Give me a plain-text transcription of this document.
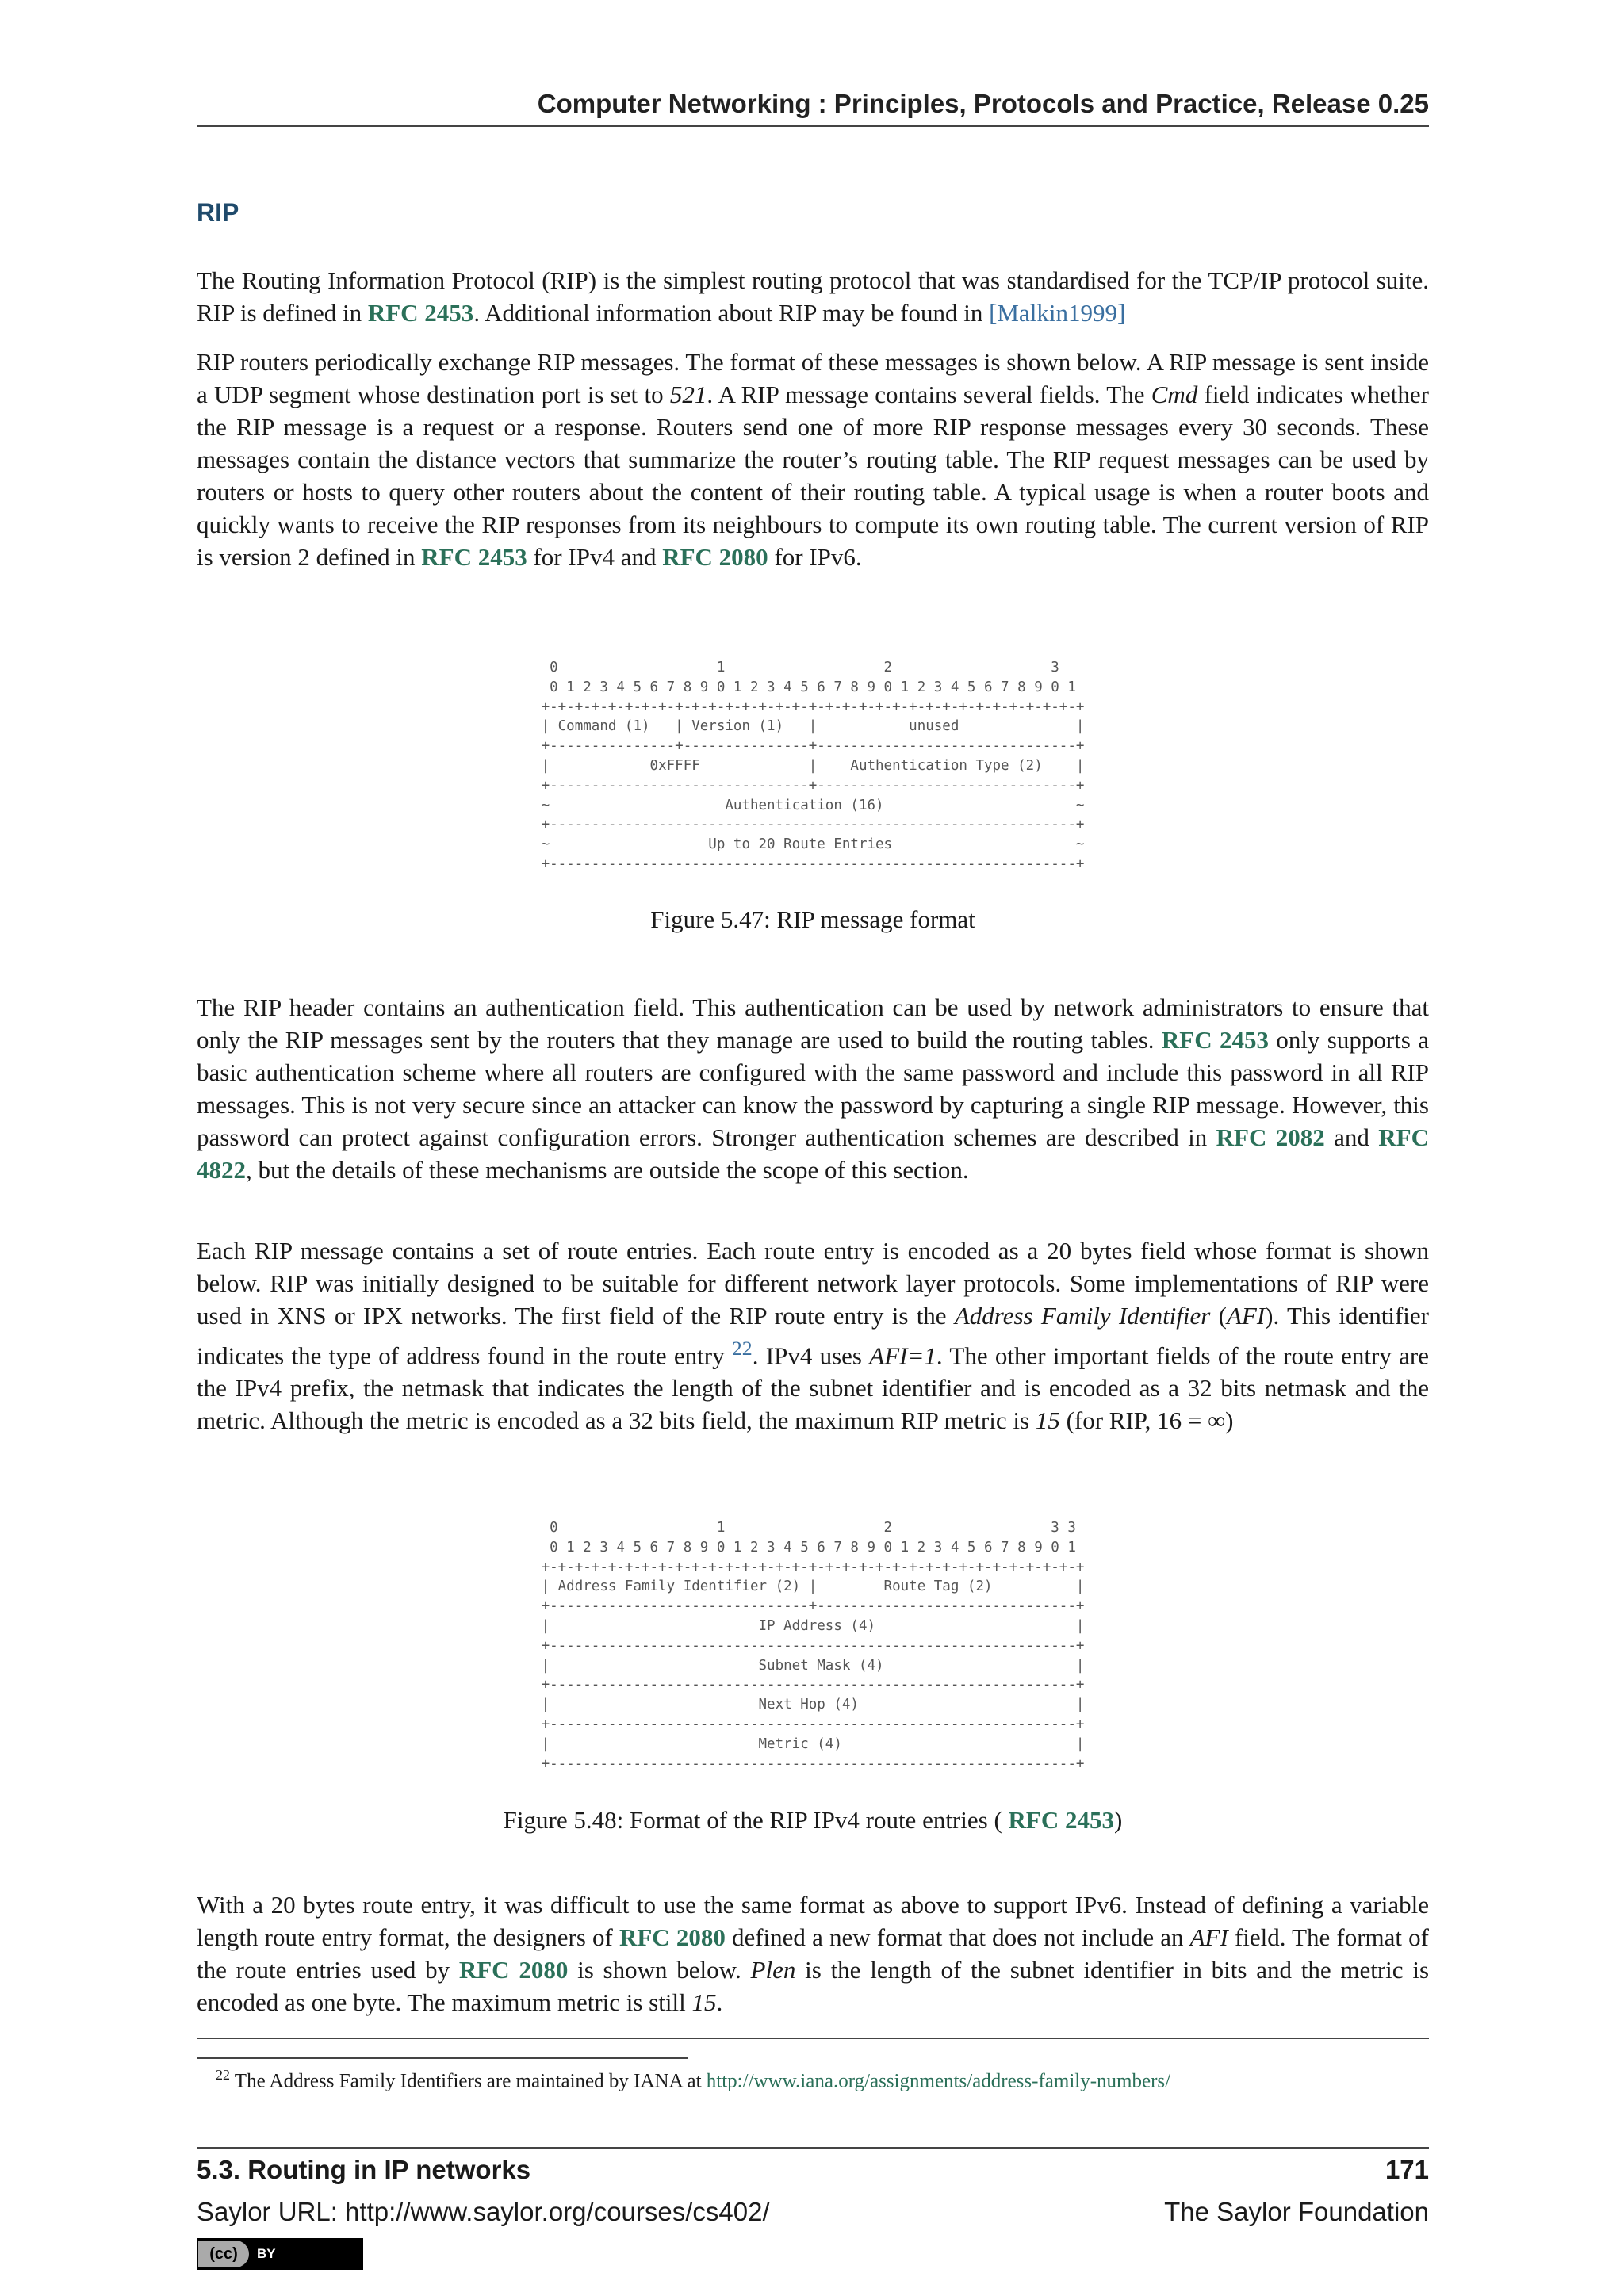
Computer Networking : Principles, Protocols and Practice, Release 0.25
RIP

The Routing Information Protocol (RIP) is the simplest routing protocol that was standardised for the TCP/IP protocol suite. RIP is defined in RFC 2453. Additional information about RIP may be found in [Malkin1999]

RIP routers periodically exchange RIP messages. The format of these messages is shown below. A RIP message is sent inside a UDP segment whose destination port is set to 521. A RIP message contains several fields. The Cmd field indicates whether the RIP message is a request or a response. Routers send one of more RIP response messages every 30 seconds. These messages contain the distance vectors that summarize the router’s routing table. The RIP request messages can be used by routers or hosts to query other routers about the content of their routing table. A typical usage is when a router boots and quickly wants to receive the RIP responses from its neighbours to compute its own routing table. The current version of RIP is version 2 defined in RFC 2453 for IPv4 and RFC 2080 for IPv6.

0                   1                   2                   3
0 1 2 3 4 5 6 7 8 9 0 1 2 3 4 5 6 7 8 9 0 1 2 3 4 5 6 7 8 9 0 1
+-+-+-+-+-+-+-+-+-+-+-+-+-+-+-+-+-+-+-+-+-+-+-+-+-+-+-+-+-+-+-+-+
| Command (1)   | Version (1)   |           unused              |
+---------------+---------------+-------------------------------+
|            0xFFFF             |    Authentication Type (2)    |
+-------------------------------+-------------------------------+
~                     Authentication (16)                       ~
+---------------------------------------------------------------+
~                   Up to 20 Route Entries                      ~
+---------------------------------------------------------------+
Figure 5.47: RIP message format

The RIP header contains an authentication field. This authentication can be used by network administrators to ensure that only the RIP messages sent by the routers that they manage are used to build the routing tables. RFC 2453 only supports a basic authentication scheme where all routers are configured with the same password and include this password in all RIP messages. This is not very secure since an attacker can know the password by capturing a single RIP message. However, this password can protect against configuration errors. Stronger authentication schemes are described in RFC 2082 and RFC 4822, but the details of these mechanisms are outside the scope of this section.

Each RIP message contains a set of route entries. Each route entry is encoded as a 20 bytes field whose format is shown below. RIP was initially designed to be suitable for different network layer protocols. Some implementations of RIP were used in XNS or IPX networks. The first field of the RIP route entry is the Address Family Identifier (AFI). This identifier indicates the type of address found in the route entry $^{22}$. IPv4 uses AFI=1. The other important fields of the route entry are the IPv4 prefix, the netmask that indicates the length of the subnet identifier and is encoded as a 32 bits netmask and the metric. Although the metric is encoded as a 32 bits field, the maximum RIP metric is 15 (for RIP, 16 = ∞)

0                   1                   2                   3 3
0 1 2 3 4 5 6 7 8 9 0 1 2 3 4 5 6 7 8 9 0 1 2 3 4 5 6 7 8 9 0 1
+-+-+-+-+-+-+-+-+-+-+-+-+-+-+-+-+-+-+-+-+-+-+-+-+-+-+-+-+-+-+-+-+
| Address Family Identifier (2) |        Route Tag (2)          |
+-------------------------------+-------------------------------+
|                         IP Address (4)                        |
+---------------------------------------------------------------+
|                         Subnet Mask (4)                       |
+---------------------------------------------------------------+
|                         Next Hop (4)                          |
+---------------------------------------------------------------+
|                         Metric (4)                            |
+---------------------------------------------------------------+
Figure 5.48: Format of the RIP IPv4 route entries ( RFC 2453)

With a 20 bytes route entry, it was difficult to use the same format as above to support IPv6. Instead of defining a variable length route entry format, the designers of RFC 2080 defined a new format that does not include an AFI field. The format of the route entries used by RFC 2080 is shown below. Plen is the length of the subnet identifier in bits and the metric is encoded as one byte. The maximum metric is still 15.

$^{22}$ The Address Family Identifiers are maintained by IANA at http://www.iana.org/assignments/address-family-numbers/
5.3. Routing in IP networks	171
Saylor URL: http://www.saylor.org/courses/cs402/	The Saylor Foundation
(cc)	BY
